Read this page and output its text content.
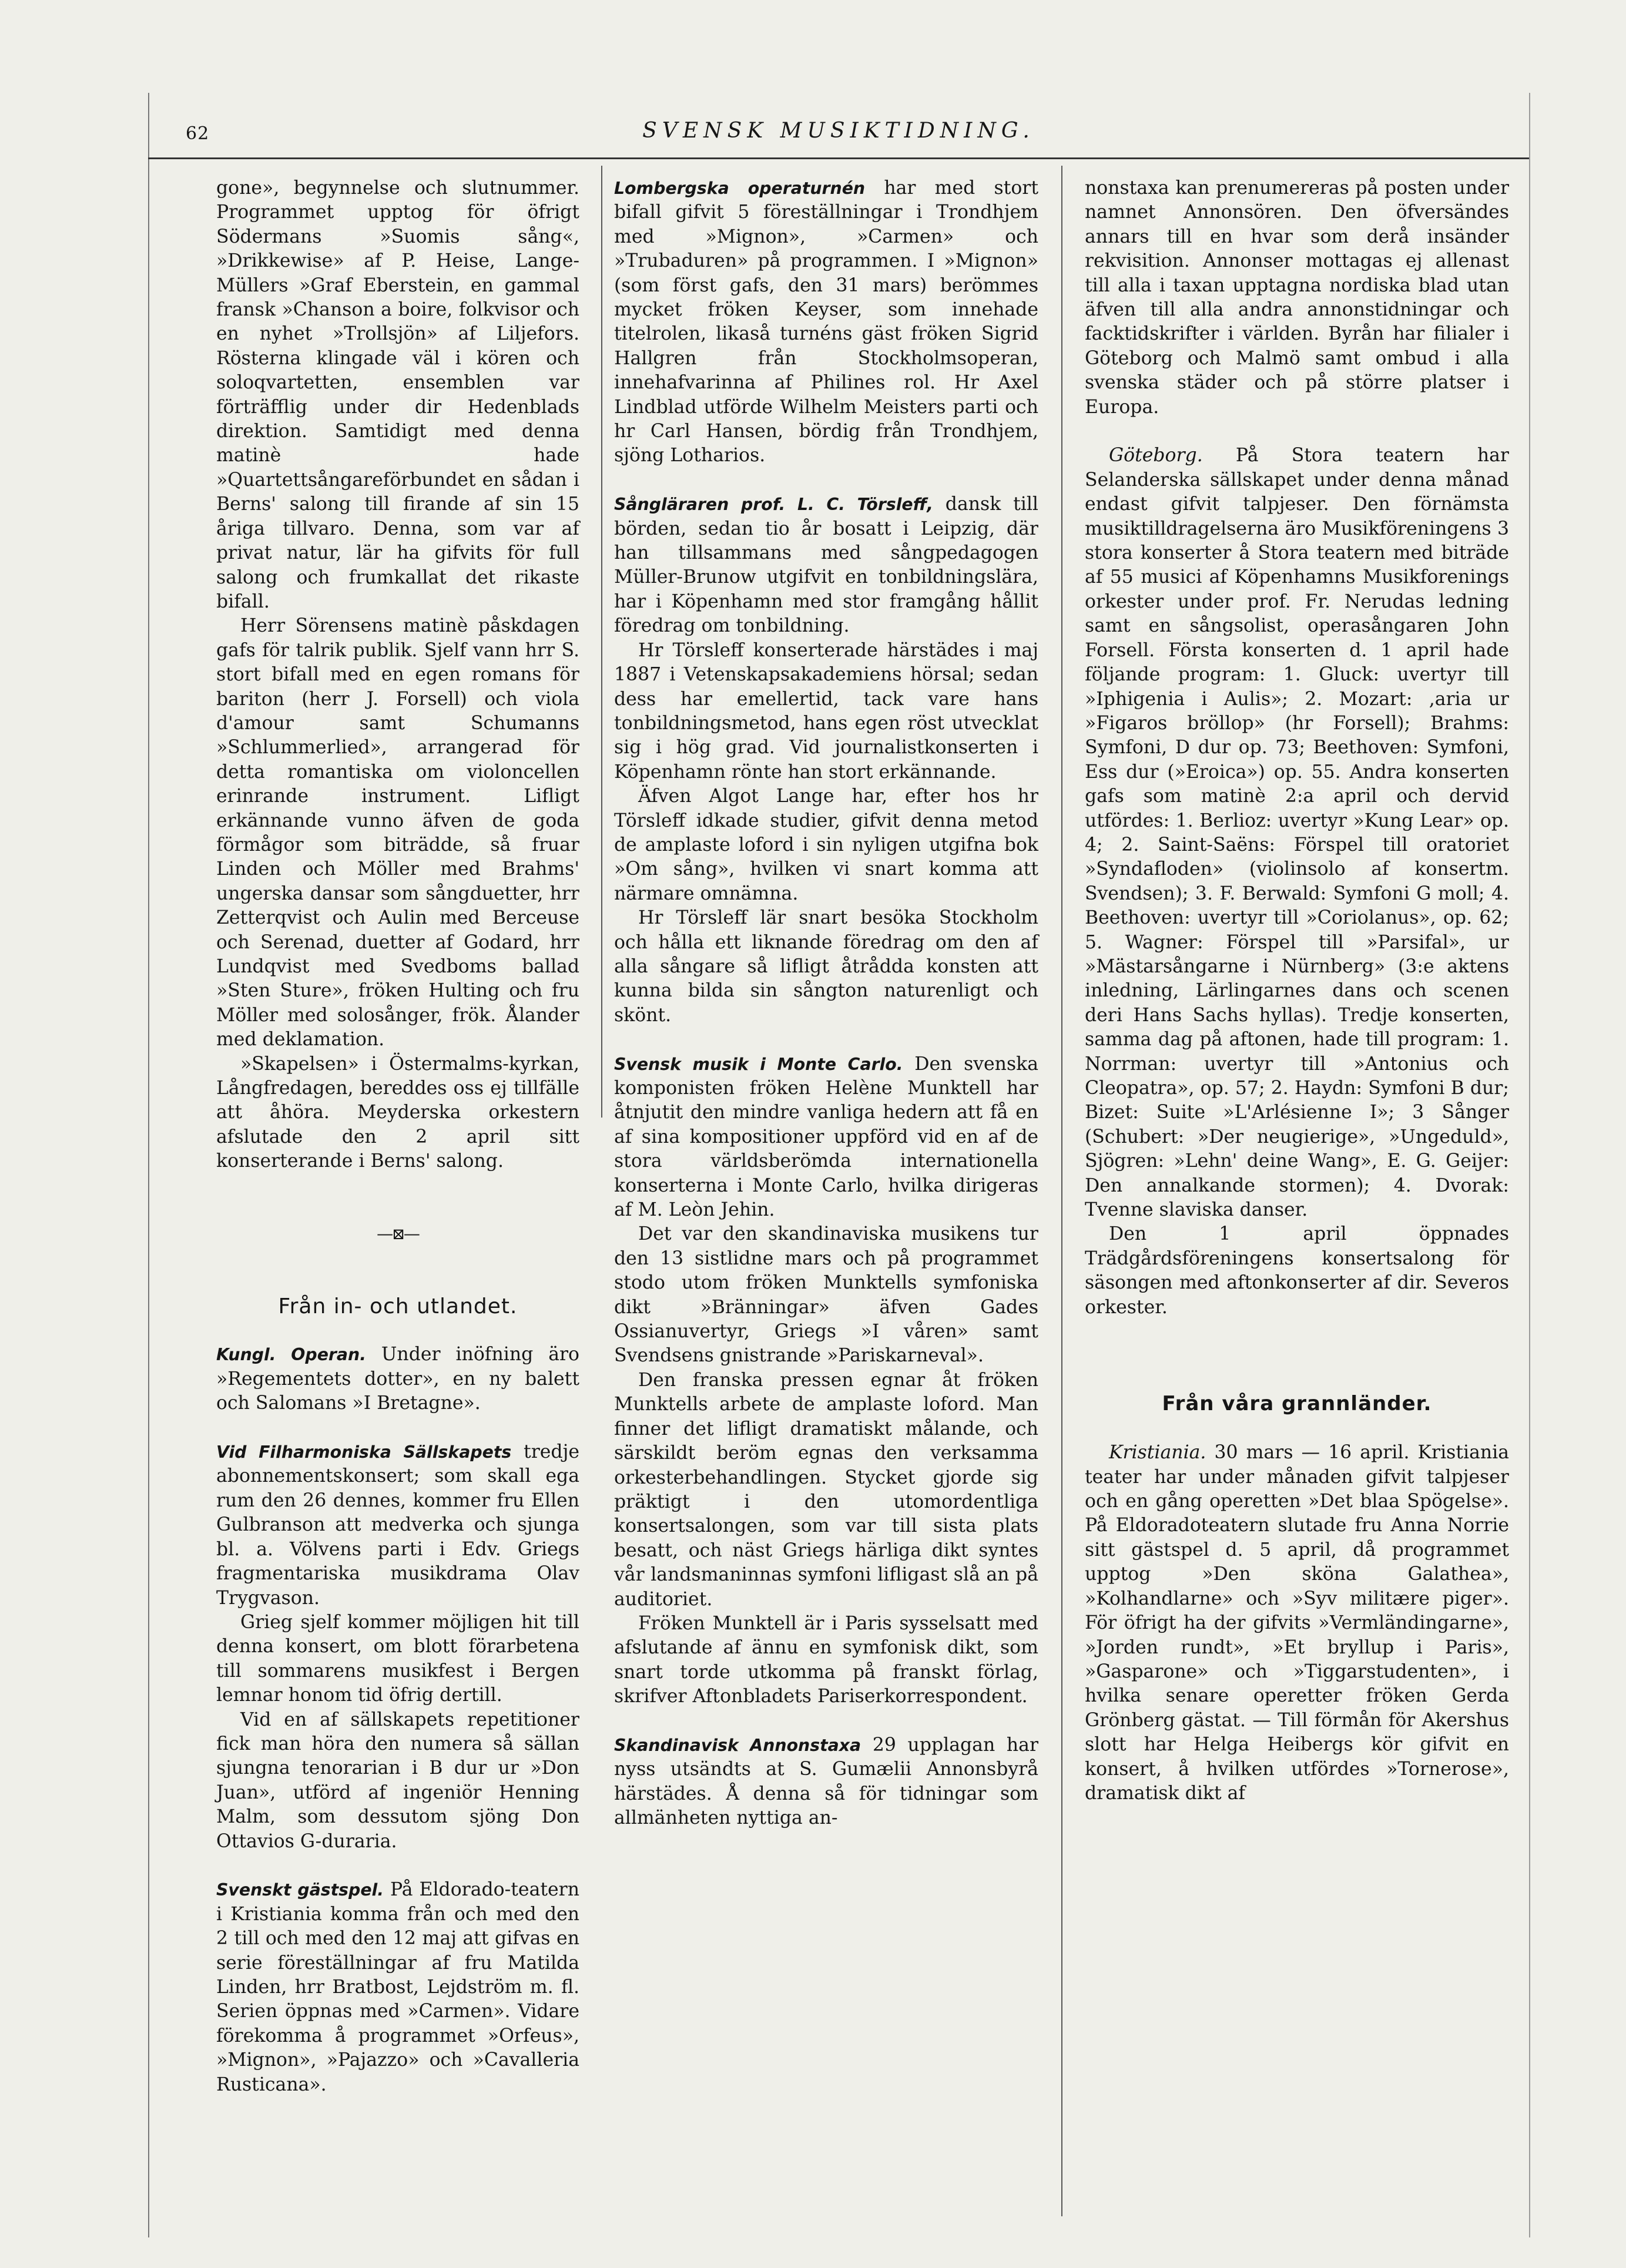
62	SVENSK MUSIKTIDNING.

gone», begynnelse och slutnummer. Programmet upptog för öfrigt Södermans »Suomis sång«, »Drikkewise» af P. Heise, Lange-Müllers »Graf Eberstein, en gammal fransk »Chanson a boire, folkvisor och en nyhet »Trollsjön» af Liljefors. Rösterna klingade väl i kören och soloqvartetten, ensemblen var förträfflig under dir Hedenblads direktion. Samtidigt med denna matinè hade »Quartettsångareförbundet en sådan i Berns' salong till firande af sin 15 åriga tillvaro. Denna, som var af privat natur, lär ha gifvits för full salong och frumkallat det rikaste bifall.

Herr Sörensens matinè påskdagen gafs för talrik publik. Sjelf vann hrr S. stort bifall med en egen romans för bariton (herr J. Forsell) och viola d'amour samt Schumanns »Schlummerlied», arrangerad för detta romantiska om violoncellen erinrande instrument. Lifligt erkännande vunno äfven de goda förmågor som biträdde, så fruar Linden och Möller med Brahms' ungerska dansar som sångduetter, hrr Zetterqvist och Aulin med Berceuse och Serenad, duetter af Godard, hrr Lundqvist med Svedboms ballad »Sten Sture», fröken Hulting och fru Möller med solosånger, frök. Ålander med deklamation.

»Skapelsen» i Östermalms-kyrkan, Långfredagen, bereddes oss ej tillfälle att åhöra. Meyderska orkestern afslutade den 2 april sitt konserterande i Berns' salong.

—⊠—
Från in- och utlandet.

Kungl. Operan. Under inöfning äro »Regementets dotter», en ny balett och Salomans »I Bretagne».

Vid Filharmoniska Sällskapets tredje abonnementskonsert; som skall ega rum den 26 dennes, kommer fru Ellen Gulbranson att medverka och sjunga bl. a. Völvens parti i Edv. Griegs fragmentariska musikdrama Olav Trygvason.

Grieg sjelf kommer möjligen hit till denna konsert, om blott förarbetena till sommarens musikfest i Bergen lemnar honom tid öfrig dertill.

Vid en af sällskapets repetitioner fick man höra den numera så sällan sjungna tenorarian i B dur ur »Don Juan», utförd af ingeniör Henning Malm, som dessutom sjöng Don Ottavios G-duraria.

Svenskt gästspel. På Eldorado-teatern i Kristiania komma från och med den 2 till och med den 12 maj att gifvas en serie föreställningar af fru Matilda Linden, hrr Bratbost, Lejdström m. fl. Serien öppnas med »Carmen». Vidare förekomma å programmet »Orfeus», »Mignon», »Pajazzo» och »Cavalleria Rusticana».

Lombergska operaturnén har med stort bifall gifvit 5 föreställningar i Trondhjem med »Mignon», »Carmen» och »Trubaduren» på programmen. I »Mignon» (som först gafs, den 31 mars) berömmes mycket fröken Keyser, som innehade titelrolen, likaså turnéns gäst fröken Sigrid Hallgren från Stockholmsoperan, innehafvarinna af Philines rol. Hr Axel Lindblad utförde Wilhelm Meisters parti och hr Carl Hansen, bördig från Trondhjem, sjöng Lotharios.

Sångläraren prof. L. C. Törsleff, dansk till börden, sedan tio år bosatt i Leipzig, där han tillsammans med sångpedagogen Müller-Brunow utgifvit en tonbildningslära, har i Köpenhamn med stor framgång hållit föredrag om tonbildning.

Hr Törsleff konserterade härstädes i maj 1887 i Vetenskapsakademiens hörsal; sedan dess har emellertid, tack vare hans tonbildningsmetod, hans egen röst utvecklat sig i hög grad. Vid journalistkonserten i Köpenhamn rönte han stort erkännande.

Äfven Algot Lange har, efter hos hr Törsleff idkade studier, gifvit denna metod de amplaste loford i sin nyligen utgifna bok »Om sång», hvilken vi snart komma att närmare omnämna.

Hr Törsleff lär snart besöka Stockholm och hålla ett liknande föredrag om den af alla sångare så lifligt åtrådda konsten att kunna bilda sin sångton naturenligt och skönt.

Svensk musik i Monte Carlo. Den svenska komponisten fröken Helène Munktell har åtnjutit den mindre vanliga hedern att få en af sina kompositioner uppförd vid en af de stora världsberömda internationella konserterna i Monte Carlo, hvilka dirigeras af M. Leòn Jehin.

Det var den skandinaviska musikens tur den 13 sistlidne mars och på programmet stodo utom fröken Munktells symfoniska dikt »Bränningar» äfven Gades Ossianuvertyr, Griegs »I våren» samt Svendsens gnistrande »Pariskarneval».

Den franska pressen egnar åt fröken Munktells arbete de amplaste loford. Man finner det lifligt dramatiskt målande, och särskildt beröm egnas den verksamma orkesterbehandlingen. Stycket gjorde sig präktigt i den utomordentliga konsertsalongen, som var till sista plats besatt, och näst Griegs härliga dikt syntes vår landsmaninnas symfoni lifligast slå an på auditoriet.

Fröken Munktell är i Paris sysselsatt med afslutande af ännu en symfonisk dikt, som snart torde utkomma på franskt förlag, skrifver Aftonbladets Pariserkorrespondent.

Skandinavisk Annonstaxa 29 upplagan har nyss utsändts at S. Gumælii Annonsbyrå härstädes. Å denna så för tidningar som allmänheten nyttiga an-

nonstaxa kan prenumereras på posten under namnet Annonsören. Den öfversändes annars till en hvar som derå insänder rekvisition. Annonser mottagas ej allenast till alla i taxan upptagna nordiska blad utan äfven till alla andra annonstidningar och facktidskrifter i världen. Byrån har filialer i Göteborg och Malmö samt ombud i alla svenska städer och på större platser i Europa.

Göteborg. På Stora teatern har Selanderska sällskapet under denna månad endast gifvit talpjeser. Den förnämsta musiktilldragelserna äro Musikföreningens 3 stora konserter å Stora teatern med biträde af 55 musici af Köpenhamns Musikforenings orkester under prof. Fr. Nerudas ledning samt en sångsolist, operasångaren John Forsell. Första konserten d. 1 april hade följande program: 1. Gluck: uvertyr till »Iphigenia i Aulis»; 2. Mozart: ,aria ur »Figaros bröllop» (hr Forsell); Brahms: Symfoni, D dur op. 73; Beethoven: Symfoni, Ess dur (»Eroica») op. 55. Andra konserten gafs som matinè 2:a april och dervid utfördes: 1. Berlioz: uvertyr »Kung Lear» op. 4; 2. Saint-Saëns: Förspel till oratoriet »Syndafloden» (violinsolo af konsertm. Svendsen); 3. F. Berwald: Symfoni G moll; 4. Beethoven: uvertyr till »Coriolanus», op. 62; 5. Wagner: Förspel till »Parsifal», ur »Mästarsångarne i Nürnberg» (3:e aktens inledning, Lärlingarnes dans och scenen deri Hans Sachs hyllas). Tredje konserten, samma dag på aftonen, hade till program: 1. Norrman: uvertyr till »Antonius och Cleopatra», op. 57; 2. Haydn: Symfoni B dur; Bizet: Suite »L'Arlésienne I»; 3 Sånger (Schubert: »Der neugierige», »Ungeduld», Sjögren: »Lehn' deine Wang», E. G. Geijer: Den annalkande stormen); 4. Dvorak: Tvenne slaviska danser.

Den 1 april öppnades Trädgårdsföreningens konsertsalong för säsongen med aftonkonserter af dir. Severos orkester.

Från våra grannländer.

Kristiania. 30 mars — 16 april. Kristiania teater har under månaden gifvit talpjeser och en gång operetten »Det blaa Spögelse». På Eldoradoteatern slutade fru Anna Norrie sitt gästspel d. 5 april, då programmet upptog »Den sköna Galathea», »Kolhandlarne» och »Syv militære piger». För öfrigt ha der gifvits »Vermländingarne», »Jorden rundt», »Et bryllup i Paris», »Gasparone» och »Tiggarstudenten», i hvilka senare operetter fröken Gerda Grönberg gästat. — Till förmån för Akershus slott har Helga Heibergs kör gifvit en konsert, å hvilken utfördes »Tornerose», dramatisk dikt af
